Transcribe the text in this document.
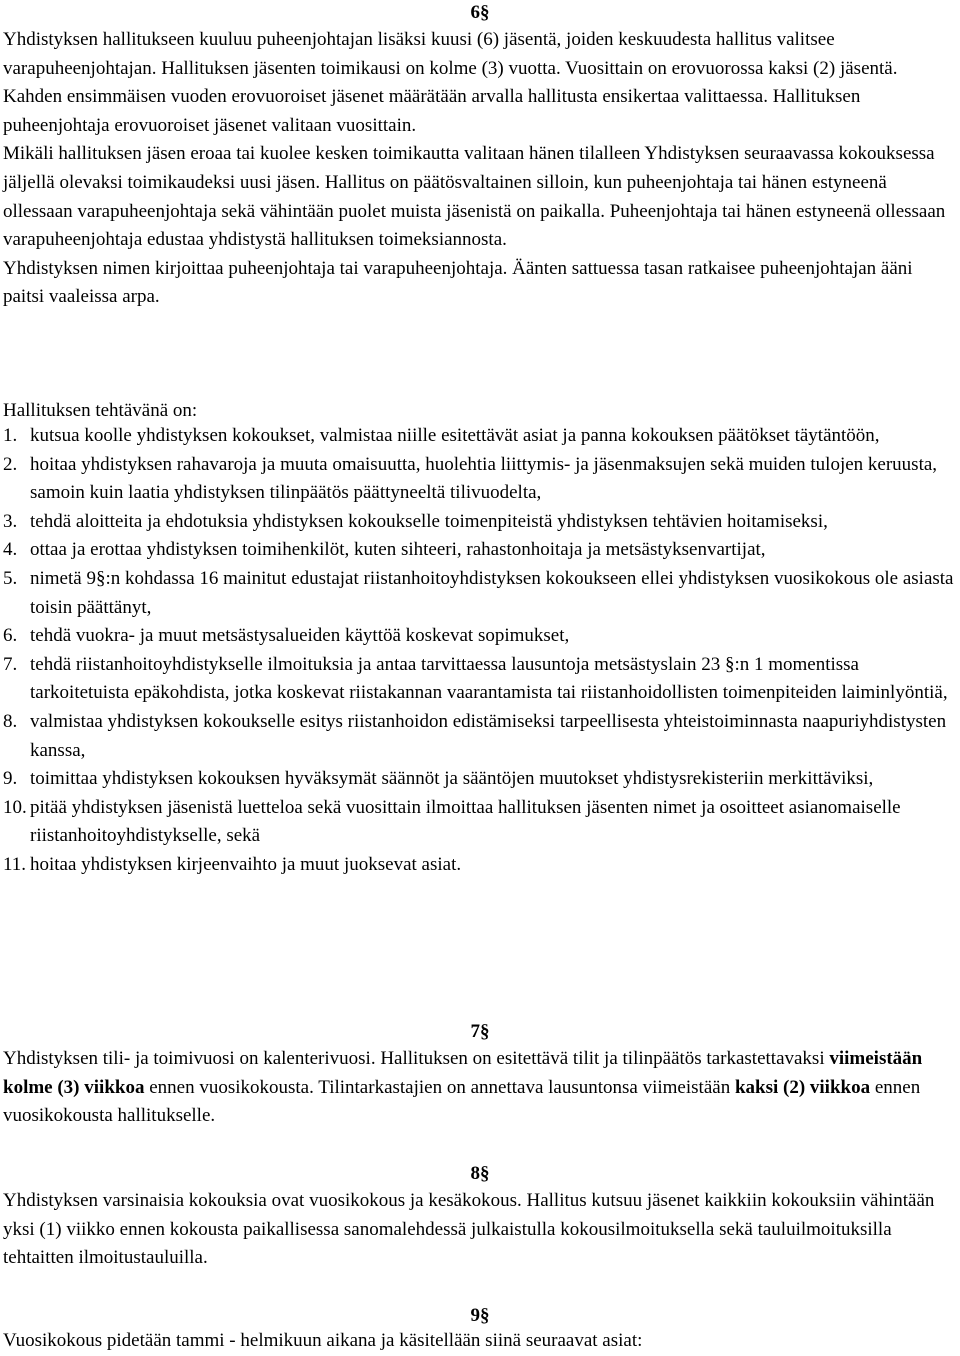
6§

Yhdistyksen hallitukseen kuuluu puheenjohtajan lisäksi kuusi (6) jäsentä, joiden keskuudesta hallitus valitsee varapuheenjohtajan. Hallituksen jäsenten toimikausi on kolme (3) vuotta. Vuosittain on erovuorossa kaksi (2) jäsentä.

Kahden ensimmäisen vuoden erovuoroiset jäsenet määrätään arvalla hallitusta ensikertaa valittaessa. Hallituksen puheenjohtaja erovuoroiset jäsenet valitaan vuosittain.

Mikäli hallituksen jäsen eroaa tai kuolee kesken toimikautta valitaan hänen tilalleen Yhdistyksen seuraavassa kokouksessa jäljellä olevaksi toimikaudeksi uusi jäsen. Hallitus on päätösvaltainen silloin, kun puheenjohtaja tai hänen estyneenä ollessaan varapuheenjohtaja sekä vähintään puolet muista jäsenistä on paikalla. Puheenjohtaja tai hänen estyneenä ollessaan varapuheenjohtaja edustaa yhdistystä hallituksen toimeksiannosta.

Yhdistyksen nimen kirjoittaa puheenjohtaja tai varapuheenjohtaja. Äänten sattuessa tasan ratkaisee puheenjohtajan ääni paitsi vaaleissa arpa.

Hallituksen tehtävänä on:
1. kutsua koolle yhdistyksen kokoukset, valmistaa niille esitettävät asiat ja panna kokouksen päätökset täytäntöön,
2. hoitaa yhdistyksen rahavaroja ja muuta omaisuutta, huolehtia liittymis- ja jäsenmaksujen sekä muiden tulojen keruusta, samoin kuin laatia yhdistyksen tilinpäätös päättyneeltä tilivuodelta,
3. tehdä aloitteita ja ehdotuksia yhdistyksen kokoukselle toimenpiteistä yhdistyksen tehtävien hoitamiseksi,
4. ottaa ja erottaa yhdistyksen toimihenkilöt, kuten sihteeri, rahastonhoitaja ja metsästyksenvartijat,
5. nimetä 9§:n kohdassa 16 mainitut edustajat riistanhoitoyhdistyksen kokoukseen ellei yhdistyksen vuosikokous ole asiasta toisin päättänyt,
6. tehdä vuokra- ja muut metsästysalueiden käyttöä koskevat sopimukset,
7. tehdä riistanhoitoyhdistykselle ilmoituksia ja antaa tarvittaessa lausuntoja metsästyslain 23 §:n 1 momentissa tarkoitetuista epäkohdista, jotka koskevat riistakannan vaarantamista tai riistanhoidollisten toimenpiteiden laiminlyöntiä,
8. valmistaa yhdistyksen kokoukselle esitys riistanhoidon edistämiseksi tarpeellisesta yhteistoiminnasta naapuriyhdistysten kanssa,
9. toimittaa yhdistyksen kokouksen hyväksymät säännöt ja sääntöjen muutokset yhdistysrekisteriin merkittäviksi,
10. pitää yhdistyksen jäsenistä luetteloa sekä vuosittain ilmoittaa hallituksen jäsenten nimet ja osoitteet asianomaiselle riistanhoitoyhdistykselle, sekä
11. hoitaa yhdistyksen kirjeenvaihto ja muut juoksevat asiat.
7§
Yhdistyksen tili- ja toimivuosi on kalenterivuosi. Hallituksen on esitettävä tilit ja tilinpäätös tarkastettavaksi viimeistään kolme (3) viikkoa ennen vuosikokousta. Tilintarkastajien on annettava lausuntonsa viimeistään kaksi (2) viikkoa ennen vuosikokousta hallitukselle.
8§
Yhdistyksen varsinaisia kokouksia ovat vuosikokous ja kesäkokous. Hallitus kutsuu jäsenet kaikkiin kokouksiin vähintään yksi (1) viikko ennen kokousta paikallisessa sanomalehdessä julkaistulla kokousilmoituksella sekä tauluilmoituksilla tehtaitten ilmoitustauluilla.
9§
Vuosikokous pidetään tammi - helmikuun aikana ja käsitellään siinä seuraavat asiat:
